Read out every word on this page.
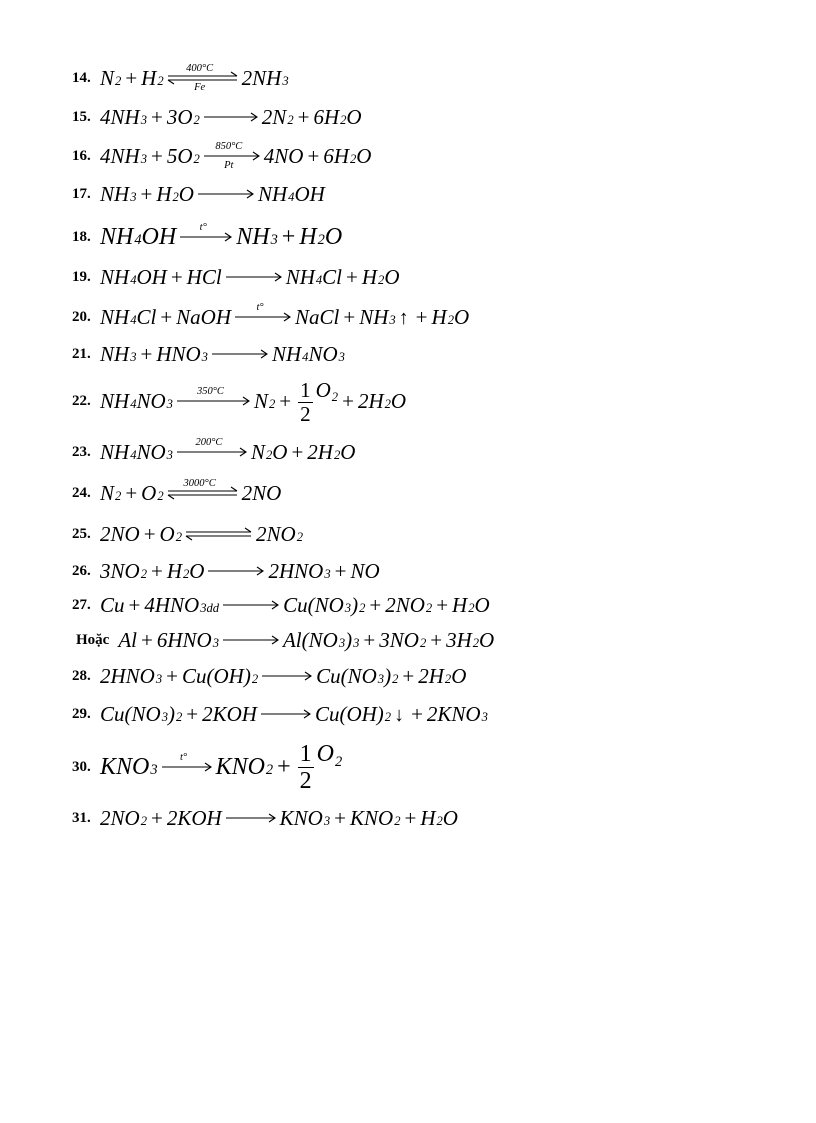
14. N 2 + H 2
400°C
Fe	2NH 3
15. 4NH 3 + 3O 2 → 2N 2 + 6H 2 O
16. 4NH 3 + 5O 2
850°C
Pt	4NO + 6H 2 O
17. NH 3 + H 2 O → NH 4 OH
18. NH 4 OH	t°	NH 3 + H 2 O
19. NH 4 OH + HCl → NH 4 Cl + H 2 O
20. NH 4 Cl + NaOH	t°	NaCl + NH 3 ↑ + H 2 O
21. NH 3 + HNO 3 → NH 4 NO 3
22. NH 4 NO 3
350°C	N $2 + \frac{1}{2} O_2 + 2H$ 2 O
23. NH 4 NO 3
200°C	N 2 O + 2H 2 O
24. N 2 + O 2
3000°C	2NO
25. 2NO + O 2 ⇌ 2NO 2
26. 3NO 2 + H 2 O → 2HNO 3 + NO
27. Cu + 4HNO 3dd → Cu(NO 3 ) 2 + 2NO 2 + H 2 O
Hoặc Al + 6HNO 3 → Al(NO 3 ) 3 + 3NO 2 + 3H 2 O
28. 2HNO 3 + Cu(OH) 2 → Cu(NO 3 ) 2 + 2H 2 O
29. Cu(NO 3 ) 2 + 2KOH → Cu(OH) 2 ↓ + 2KNO 3
30. KNO 3
t°	KNO $2 + \frac{1}{2} O_2$
31. 2NO 2 + 2KOH → KNO 3 + KNO 2 + H 2 O
